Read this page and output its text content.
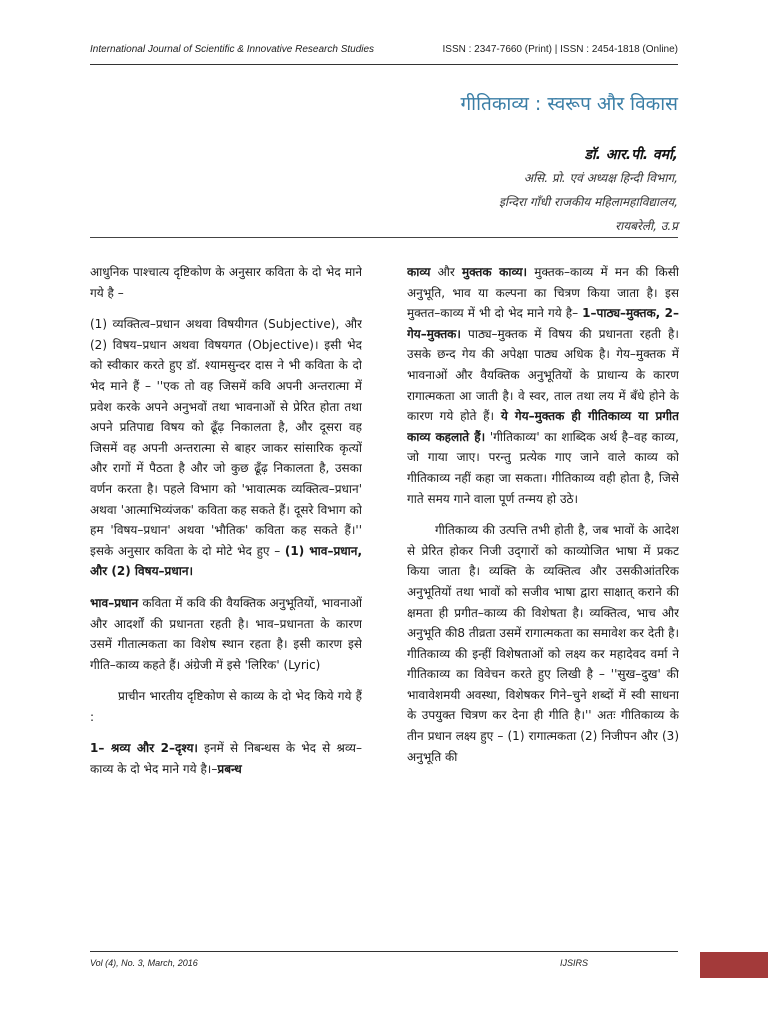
International Journal of Scientific & Innovative Research Studies	ISSN : 2347-7660 (Print) | ISSN : 2454-1818 (Online)
गीतिकाव्य : स्वरूप और विकास
डॉ. आर.पी. वर्मा,
असि. प्रो. एवं अध्यक्ष हिन्दी विभाग,
इन्दिरा गाँधी राजकीय महिलामहाविद्यालय,
रायबरेली, उ.प्र

आधुनिक पाश्चात्य दृष्टिकोण के अनुसार कविता के दो भेद माने गये है –

(1) व्यक्तित्व–प्रधान अथवा विषयीगत (Subjective), और (2) विषय–प्रधान अथवा विषयगत (Objective)। इसी भेद को स्वीकार करते हुए डॉ. श्यामसुन्दर दास ने भी कविता के दो भेद माने हैं – ''एक तो वह जिसमें कवि अपनी अन्तरात्मा में प्रवेश करके अपने अनुभवों तथा भावनाओं से प्रेरित होता तथा अपने प्रतिपाद्य विषय को ढूँढ़ निकालता है, और दूसरा वह जिसमें वह अपनी अन्तरात्मा से बाहर जाकर सांसारिक कृत्यों और रागों में पैठता है और जो कुछ ढूँढ़ निकालता है, उसका वर्णन करता है। पहले विभाग को 'भावात्मक व्यक्तित्व–प्रधान' अथवा 'आत्माभिव्यंजक' कविता कह सकते हैं। दूसरे विभाग को हम 'विषय–प्रधान' अथवा 'भौतिक' कविता कह सकते हैं।'' इसके अनुसार कविता के दो मोटे भेद हुए – (1) भाव–प्रधान, और (2) विषय–प्रधान।

भाव–प्रधान कविता में कवि की वैयक्तिक अनुभूतियों, भावनाओं और आदर्शों की प्रधानता रहती है। भाव–प्रधानता के कारण उसमें गीतात्मकता का विशेष स्थान रहता है। इसी कारण इसे गीति–काव्य कहते हैं। अंग्रेजी में इसे 'लिरिक' (Lyric)

प्राचीन भारतीय दृष्टिकोण से काव्य के दो भेद किये गये हैं :

1– श्रव्य और 2–दृश्य। इनमें से निबन्धस के भेद से श्रव्य–काव्य के दो भेद माने गये है।–प्रबन्ध

काव्य और मुक्तक काव्य। मुक्तक–काव्य में मन की किसी अनुभूति, भाव या कल्पना का चित्रण किया जाता है। इस मुक्तत–काव्य में भी दो भेद माने गये है– 1–पाठ्य–मुक्तक, 2–गेय–मुक्तक। पाठ्य–मुक्तक में विषय की प्रधानता रहती है। उसके छन्द गेय की अपेक्षा पाठ्य अधिक है। गेय–मुक्तक में भावनाओं और वैयक्तिक अनुभूतियों के प्राधान्य के कारण रागात्मकता आ जाती है। वे स्वर, ताल तथा लय में बँधे होने के कारण गये होते हैं। ये गेय–मुक्तक ही गीतिकाव्य या प्रगीत काव्य कहलाते हैं। 'गीतिकाव्य' का शाब्दिक अर्थ है–वह काव्य, जो गाया जाए। परन्तु प्रत्येक गाए जाने वाले काव्य को गीतिकाव्य नहीं कहा जा सकता। गीतिकाव्य वही होता है, जिसे गाते समय गाने वाला पूर्ण तन्मय हो उठे।

गीतिकाव्य की उत्पत्ति तभी होती है, जब भावों के आदेश से प्रेरित होकर निजी उद्‌गारों को काव्योजित भाषा में प्रकट किया जाता है। व्यक्ति के व्यक्तित्व और उसकीआंतरिक अनुभूतियों तथा भावों को सजीव भाषा द्वारा साक्षात्‌ कराने की क्षमता ही प्रगीत–काव्य की विशेषता है। व्यक्तित्व, भाच और अनुभूति की8 तीव्रता उसमें रागात्मकता का समावेश कर देती है। गीतिकाव्य की इन्हीं विशेषताओं को लक्ष्य कर महादेवद वर्मा ने गीतिकाव्य का विवेचन करते हुए लिखी है – ''सुख–दुख' की भावावेशमयी अवस्था, विशेषकर गिने–चुने शब्दों में स्वी साधना के उपयुक्त चित्रण कर देना ही गीति है।'' अतः गीतिकाव्य के तीन प्रधान लक्ष्य हुए – (1) रागात्मकता (2) निजीपन और (3) अनुभूति की

Vol (4), No. 3, March, 2016	IJSIRS
